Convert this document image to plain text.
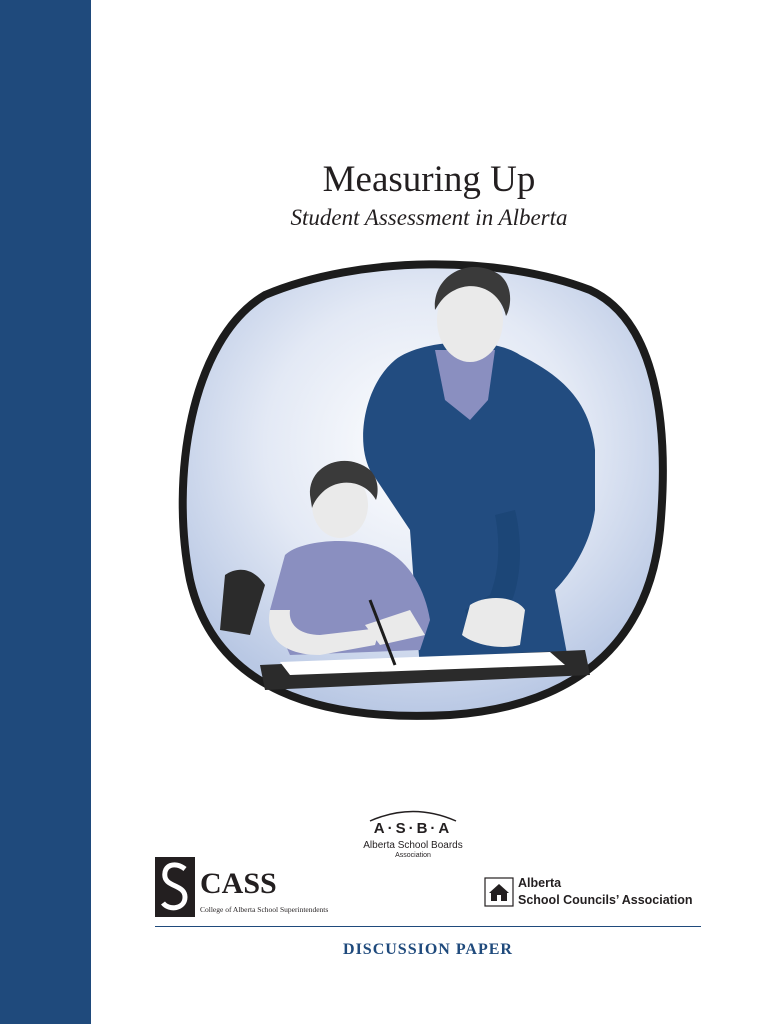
Measuring Up
Student Assessment in Alberta
A·S·B·A
Alberta School Boards
Association
CASS
College of Alberta School Superintendents
Alberta
School Councils’ Association
DISCUSSION PAPER
